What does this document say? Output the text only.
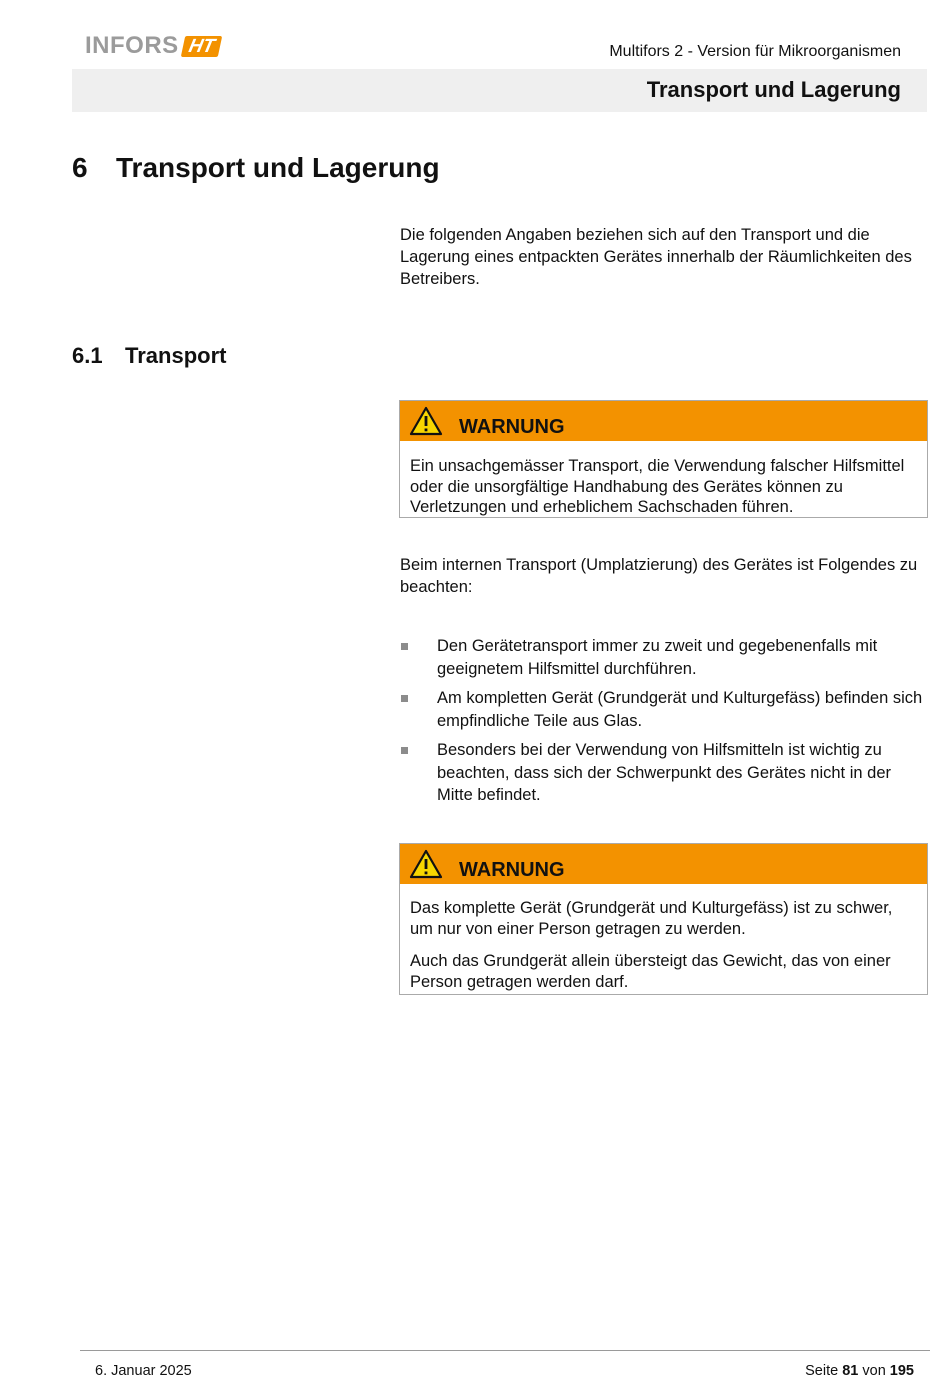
INFORS HT	Multifors 2 - Version für Mikroorganismen
Transport und Lagerung
6	Transport und Lagerung

Die folgenden Angaben beziehen sich auf den Transport und die Lagerung eines entpackten Gerätes innerhalb der Räumlichkeiten des Betreibers.

6.1	Transport
WARNUNG

Ein unsachgemässer Transport, die Verwendung falscher Hilfsmittel oder die unsorgfältige Handhabung des Gerätes können zu Verletzungen und erheblichem Sachschaden führen.

Beim internen Transport (Umplatzierung) des Gerätes ist Folgendes zu beachten:

Den Gerätetransport immer zu zweit und gegebenenfalls mit geeignetem Hilfsmittel durchführen.
Am kompletten Gerät (Grundgerät und Kulturgefäss) befinden sich empfindliche Teile aus Glas.
Besonders bei der Verwendung von Hilfsmitteln ist wichtig zu beachten, dass sich der Schwerpunkt des Gerätes nicht in der Mitte befindet.
WARNUNG

Das komplette Gerät (Grundgerät und Kulturgefäss) ist zu schwer, um nur von einer Person getragen zu werden.

Auch das Grundgerät allein übersteigt das Gewicht, das von einer Person getragen werden darf.

6. Januar 2025	Seite 81 von 195
